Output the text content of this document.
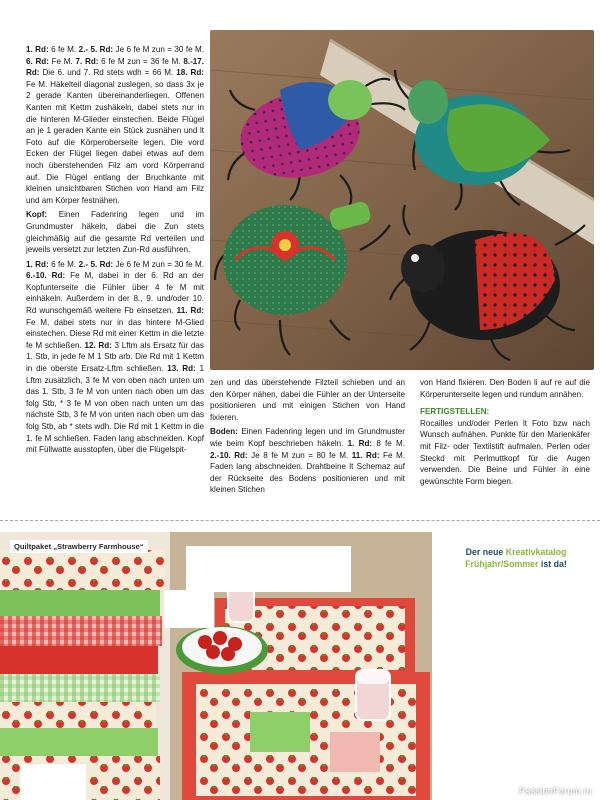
1. Rd: 6 fe M. 2.- 5. Rd: Je 6 fe M zun = 30 fe M. 6. Rd: Fe M. 7. Rd: 6 fe M zun = 36 fe M. 8.-17. Rd: Die 6. und 7. Rd stets wdh = 66 M. 18. Rd: Fe M. Häkelteil diagonal zuslegen, so dass 3x je 2 gerade Kanten übereinanderliegen. Offenen Kanten mit Kettm zushäkeln, dabei stets nur in die hinteren M-Glieder einstechen. Beide Flügel an je 1 geraden Kante ein Stück zusnähen und lt Foto auf die Körperoberseite legen. Die vord Ecken der Flügel liegen dabei etwas auf dem noch überstehenden Filz am vord Körperrand auf. Die Flügel entlang der Bruchkante mit kleinen unsichtbaren Stichen von Hand am Filz und am Körper festnähen.

Kopf: Einen Fadenring legen und im Grundmuster häkeln, dabei die Zun stets gleichmäßig auf die gesamte Rd verteilen und jeweils versetzt zur letzten Zun-Rd ausführen.

1. Rd: 6 fe M. 2.- 5. Rd: Je 6 fe M zun = 30 fe M. 6.-10. Rd: Fe M, dabei in der 6. Rd an der Kopfunterseite die Fühler über 4 fe M mit einhäkeln. Außerdem in der 8., 9. und/oder 10. Rd wunschgemäß weitere Fb einsetzen. 11. Rd: Fe M, dabei stets nur in das hintere M-Glied einstechen. Diese Rd mit einer Kettm in die letzte fe M schließen. 12. Rd: 3 Lftm als Ersatz für das 1. Stb, in jede fe M 1 Stb arb. Die Rd mit 1 Kettm in die oberste Ersatz-Lftm schließen. 13. Rd: 1 Lftm zusätzlich, 3 fe M von oben nach unten um das 1. Stb, 3 fe M von unten nach oben um das folg Stb, * 3 fe M von oben nach unten um das nächste Stb, 3 fe M von unten nach oben um das folg Stb, ab * stets wdh. Die Rd mit 1 Kettm in die 1. fe M schließen. Faden lang abschneiden. Kopf mit Füllwatte ausstopfen, über die Flügelspit-

zen und das überstehende Filzteil schieben und an den Körper nähen, dabei die Fühler an der Unterseite positionieren und mit einigen Stichen von Hand fixieren.

Boden: Einen Fadenring legen und im Grundmuster wie beim Kopf beschrieben häkeln. 1. Rd: 8 fe M. 2.-10. Rd: Je 8 fe M zun = 80 fe M. 11. Rd: Fe M. Faden lang abschneiden. Drahtbeine lt Schemaz auf der Rückseite des Bodens positionieren und mit kleinen Stichen

von Hand fixieren. Den Boden li auf re auf die Körperunterseite legen und rundum annähen.

FERTIGSTELLEN:

Rocailles und/oder Perlen lt Foto bzw nach Wunsch aufnähen. Punkte für den Marienkäfer mit Filz- oder Textilstift aufmalen. Perlen oder Steckd mit Perlmuttkopf für die Augen verwenden. Die Beine und Fühler in eine gewünschte Form biegen.

Quiltpaket „Strawberry Farmhouse“
Der neue Kreativkatalog Frühjahr/Sommer ist da!
PassionForum.ru
